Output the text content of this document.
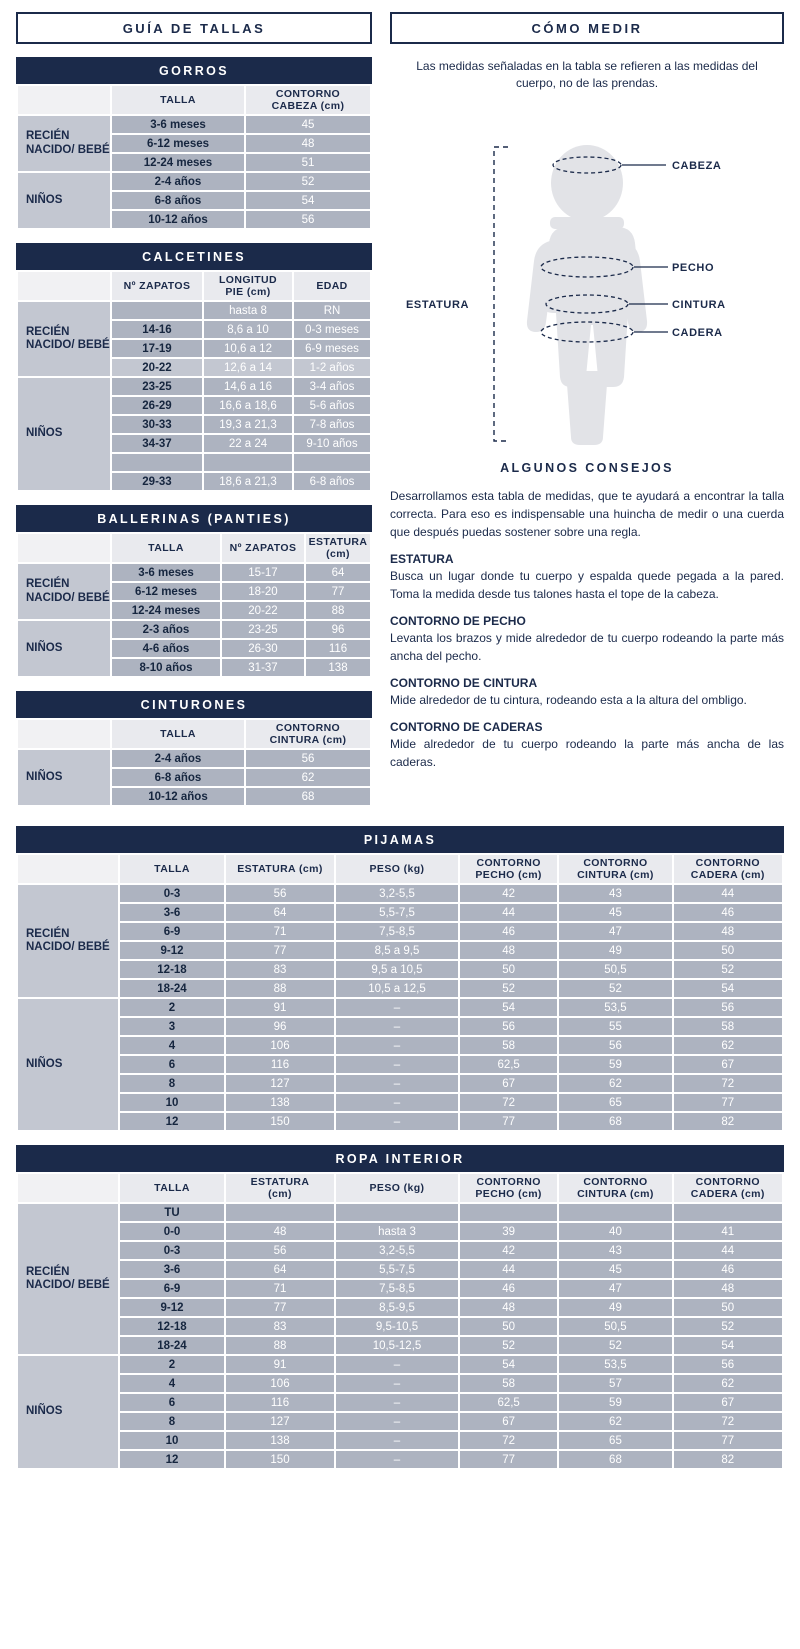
GUÍA DE TALLAS
GORROS
	TALLA	CONTORNO
CABEZA (cm)

RECIÉN NACIDO/ BEBÉ	3-6 meses	45
	6-12 meses	48
	12-24 meses	51
NIÑOS	2-4 años	52
	6-8 años	54
	10-12 años	56
CALCETINES
	Nº ZAPATOS	LONGITUD
PIE (cm)	EDAD
RECIÉN NACIDO/ BEBÉ		hasta 8	RN
	14-16	8,6 a 10	0-3 meses
	17-19	10,6 a 12	6-9 meses
	20-22	12,6 a 14	1-2 años
NIÑOS	23-25	14,6 a 16	3-4 años
	26-29	16,6 a 18,6	5-6 años
	30-33	19,3 a 21,3	7-8 años
	34-37	22 a 24	9-10 años

	29-33	18,6 a 21,3	6-8 años
BALLERINAS (PANTIES)
	TALLA	Nº ZAPATOS	ESTATURA
(cm)

RECIÉN NACIDO/ BEBÉ	3-6 meses	15-17	64
	6-12 meses	18-20	77
	12-24 meses	20-22	88
NIÑOS	2-3 años	23-25	96
	4-6 años	26-30	116
	8-10 años	31-37	138
CINTURONES
	TALLA	CONTORNO
CINTURA (cm)

NIÑOS	2-4 años	56
	6-8 años	62
	10-12 años	68
CÓMO MEDIR
Las medidas señaladas en la tabla se refieren a las medidas del cuerpo, no de las prendas.
CABEZA
PECHO
CINTURA
CADERA
ESTATURA
ALGUNOS CONSEJOS

Desarrollamos esta tabla de medidas, que te ayudará a encontrar la talla correcta. Para eso es indispensable una huincha de medir o una cuerda que después puedas sostener sobre una regla.

ESTATURA

Busca un lugar donde tu cuerpo y espalda quede pegada a la pared. Toma la medida desde tus talones hasta el tope de la cabeza.

CONTORNO DE PECHO

Levanta los brazos y mide alrededor de tu cuerpo rodeando la parte más ancha del pecho.

CONTORNO DE CINTURA

Mide alrededor de tu cintura, rodeando esta a la altura del ombligo.

CONTORNO DE CADERAS

Mide alrededor de tu cuerpo rodeando la parte más ancha de las caderas.

PIJAMAS
	TALLA	ESTATURA (cm)	PESO (kg)	CONTORNO
PECHO (cm)	CONTORNO
CINTURA (cm)	CONTORNO
CADERA (cm)

RECIÉN NACIDO/ BEBÉ	0-3	56	3,2-5,5	42	43	44
	3-6	64	5,5-7,5	44	45	46
	6-9	71	7,5-8,5	46	47	48
	9-12	77	8,5 a 9,5	48	49	50
	12-18	83	9,5 a 10,5	50	50,5	52
	18-24	88	10,5 a 12,5	52	52	54
NIÑOS	2	91	–	54	53,5	56
	3	96	–	56	55	58
	4	106	–	58	56	62
	6	116	–	62,5	59	67
	8	127	–	67	62	72
	10	138	–	72	65	77
	12	150	–	77	68	82
ROPA INTERIOR
	TALLA	ESTATURA
(cm)	PESO (kg)	CONTORNO
PECHO (cm)	CONTORNO
CINTURA (cm)	CONTORNO
CADERA (cm)

RECIÉN NACIDO/ BEBÉ	TU					
	0-0	48	hasta 3	39	40	41
	0-3	56	3,2-5,5	42	43	44
	3-6	64	5,5-7,5	44	45	46
	6-9	71	7,5-8,5	46	47	48
	9-12	77	8,5-9,5	48	49	50
	12-18	83	9,5-10,5	50	50,5	52
	18-24	88	10,5-12,5	52	52	54
NIÑOS	2	91	–	54	53,5	56
	4	106	–	58	57	62
	6	116	–	62,5	59	67
	8	127	–	67	62	72
	10	138	–	72	65	77
	12	150	–	77	68	82
